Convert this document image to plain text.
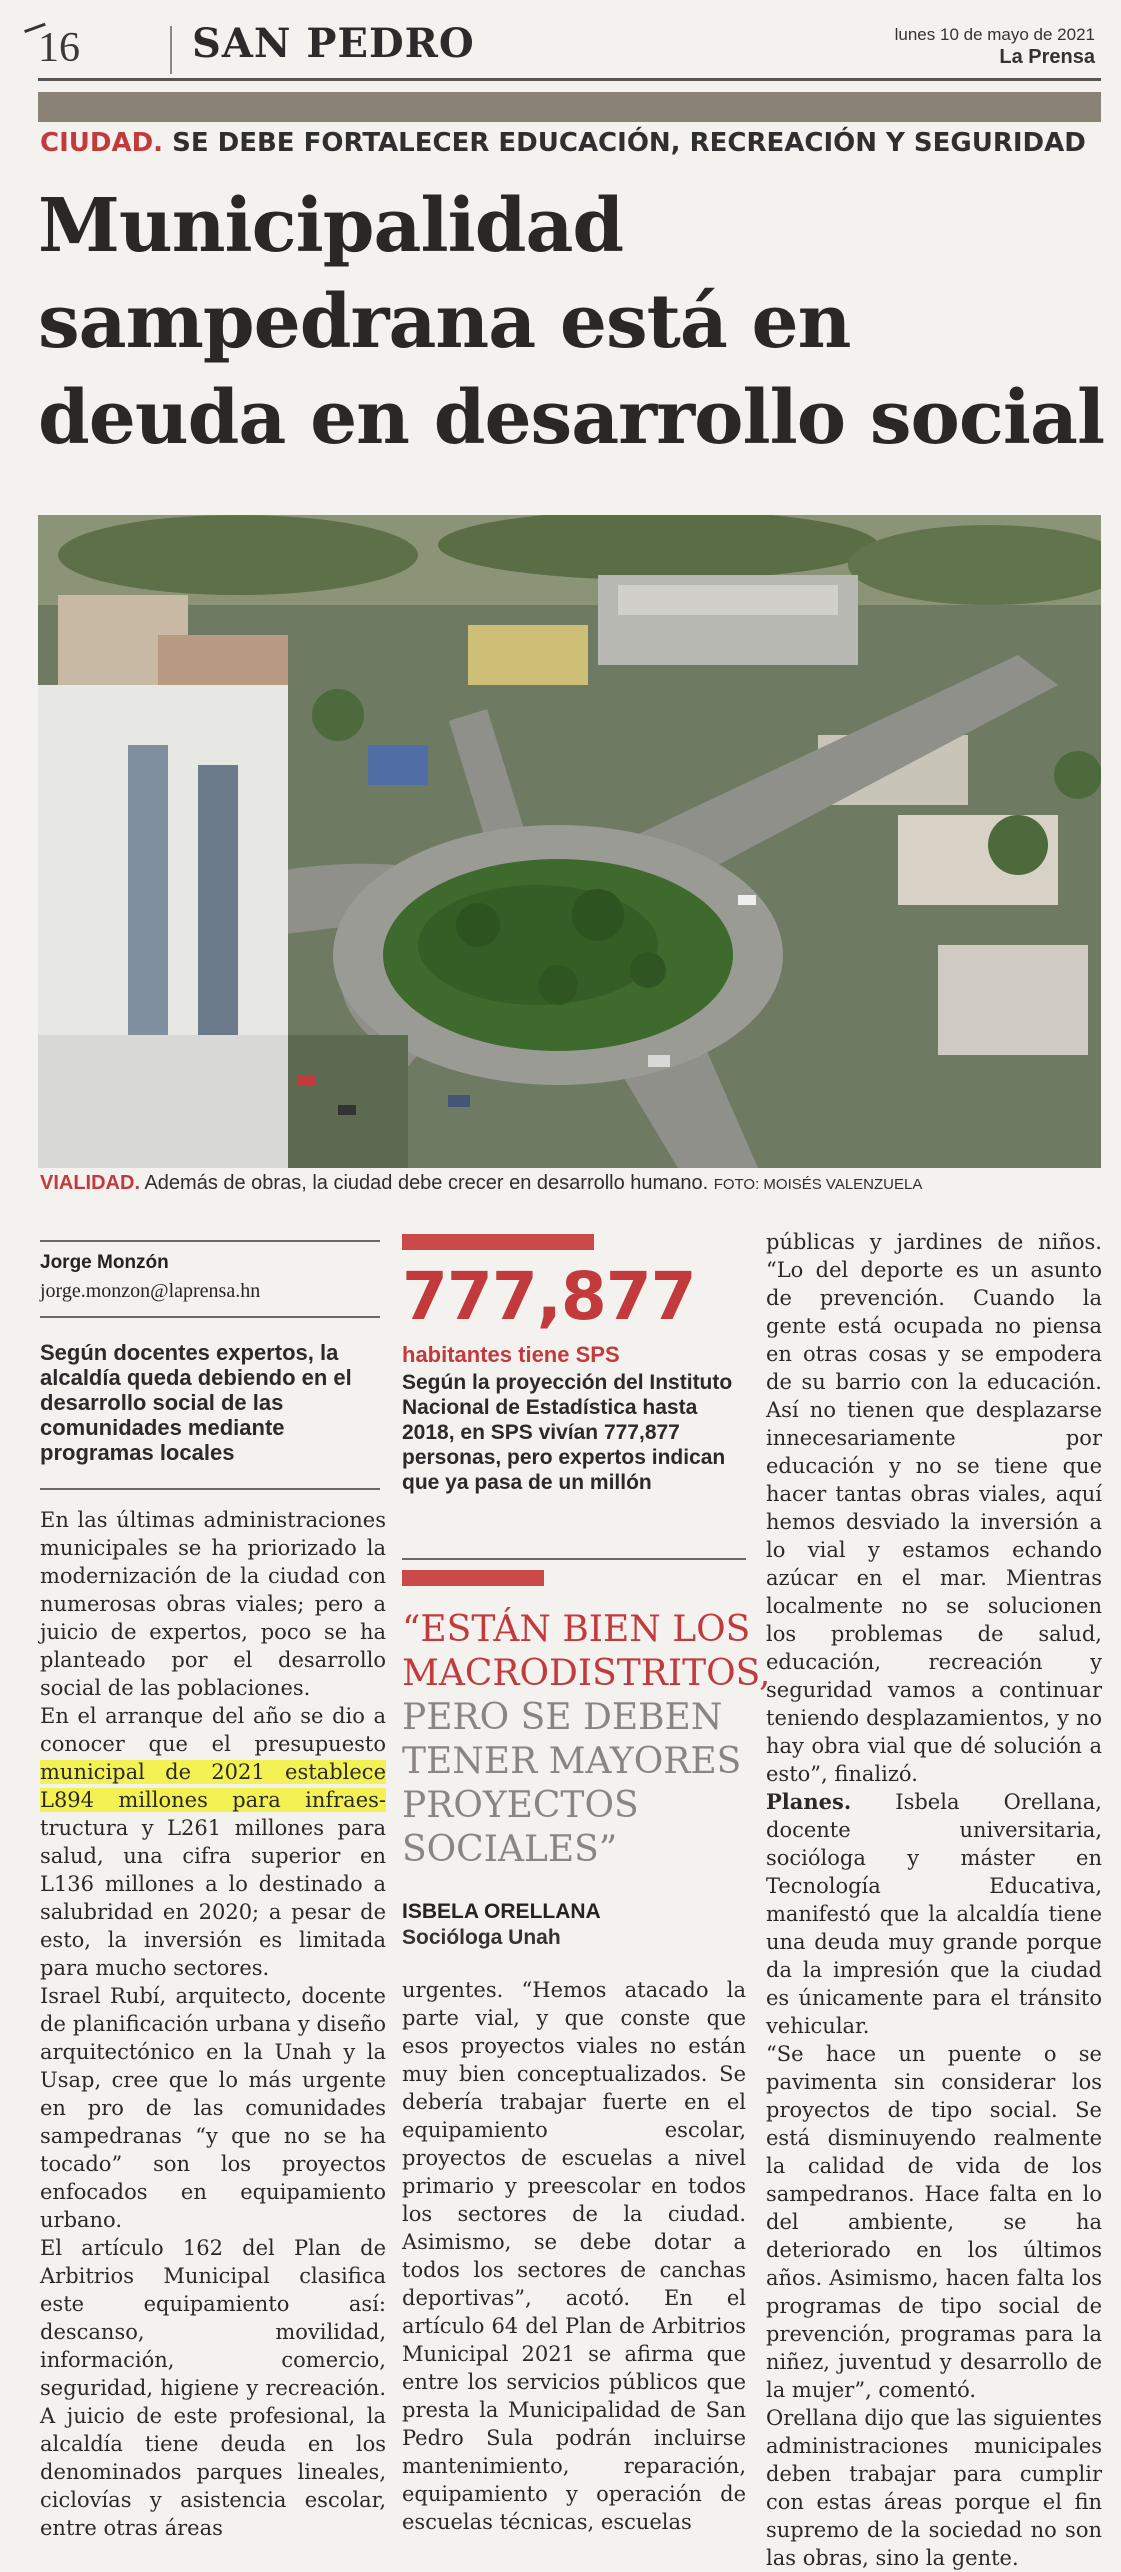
16	SAN PEDRO	lunes 10 de mayo de 2021
La Prensa
CIUDAD. SE DEBE FORTALECER EDUCACIÓN, RECREACIÓN Y SEGURIDAD
Municipalidad sampedrana está en deuda en desarrollo social
VIALIDAD. Además de obras, la ciudad debe crecer en desarrollo humano. FOTO: MOISÉS VALENZUELA
Jorge Monzón
jorge.monzon@laprensa.hn
Según docentes expertos, la alcaldía queda debiendo en el desarrollo social de las comunidades mediante programas locales
En las últimas administraciones municipales se ha priorizado la modernización de la ciudad con numerosas obras viales; pero a juicio de expertos, poco se ha planteado por el desarrollo social de las poblaciones.
En el arranque del año se dio a conocer que el presupuesto municipal de 2021 establece L894 millones para infraes- tructura y L261 millones para salud, una cifra superior en L136 millones a lo destinado a salubridad en 2020; a pesar de esto, la inversión es limitada para mucho sectores.
Israel Rubí, arquitecto, docente de planificación urbana y diseño arquitectónico en la Unah y la Usap, cree que lo más urgente en pro de las comunidades sampedranas “y que no se ha tocado” son los proyectos enfocados en equipamiento urbano.
El artículo 162 del Plan de Arbitrios Municipal clasifica este equipamiento así: descanso, movilidad, información, comercio, seguridad, higiene y recreación. A juicio de este profesional, la alcaldía tiene deuda en los denominados parques lineales, ciclovías y asistencia escolar, entre otras áreas
777,877
habitantes tiene SPS
Según la proyección del Instituto Nacional de Estadística hasta 2018, en SPS vivían 777,877 personas, pero expertos indican que ya pasa de un millón
“ESTÁN BIEN LOS MACRODISTRITOS, PERO SE DEBEN TENER MAYORES PROYECTOS SOCIALES”
ISBELA ORELLANA
Socióloga Unah
urgentes. “Hemos atacado la parte vial, y que conste que esos proyectos viales no están muy bien conceptualizados. Se debería trabajar fuerte en el equipamiento escolar, proyectos de escuelas a nivel primario y preescolar en todos los sectores de la ciudad. Asimismo, se debe dotar a todos los sectores de canchas deportivas”, acotó. En el artículo 64 del Plan de Arbitrios Municipal 2021 se afirma que entre los servicios públicos que presta la Municipalidad de San Pedro Sula podrán incluirse mantenimiento, reparación, equipamiento y operación de escuelas técnicas, escuelas
públicas y jardines de niños. “Lo del deporte es un asunto de prevención. Cuando la gente está ocupada no piensa en otras cosas y se empodera de su barrio con la educación. Así no tienen que desplazarse innecesariamente por educación y no se tiene que hacer tantas obras viales, aquí hemos desviado la inversión a lo vial y estamos echando azúcar en el mar. Mientras localmente no se solucionen los problemas de salud, educación, recreación y seguridad vamos a continuar teniendo desplazamientos, y no hay obra vial que dé solución a esto”, finalizó.
Planes. Isbela Orellana, docente universitaria, socióloga y máster en Tecnología Educativa, manifestó que la alcaldía tiene una deuda muy grande porque da la impresión que la ciudad es únicamente para el tránsito vehicular.
“Se hace un puente o se pavimenta sin considerar los proyectos de tipo social. Se está disminuyendo realmente la calidad de vida de los sampedranos. Hace falta en lo del ambiente, se ha deteriorado en los últimos años. Asimismo, hacen falta los programas de tipo social de prevención, programas para la niñez, juventud y desarrollo de la mujer”, comentó.
Orellana dijo que las siguientes administraciones municipales deben trabajar para cumplir con estas áreas porque el fin supremo de la sociedad no son las obras, sino la gente.
